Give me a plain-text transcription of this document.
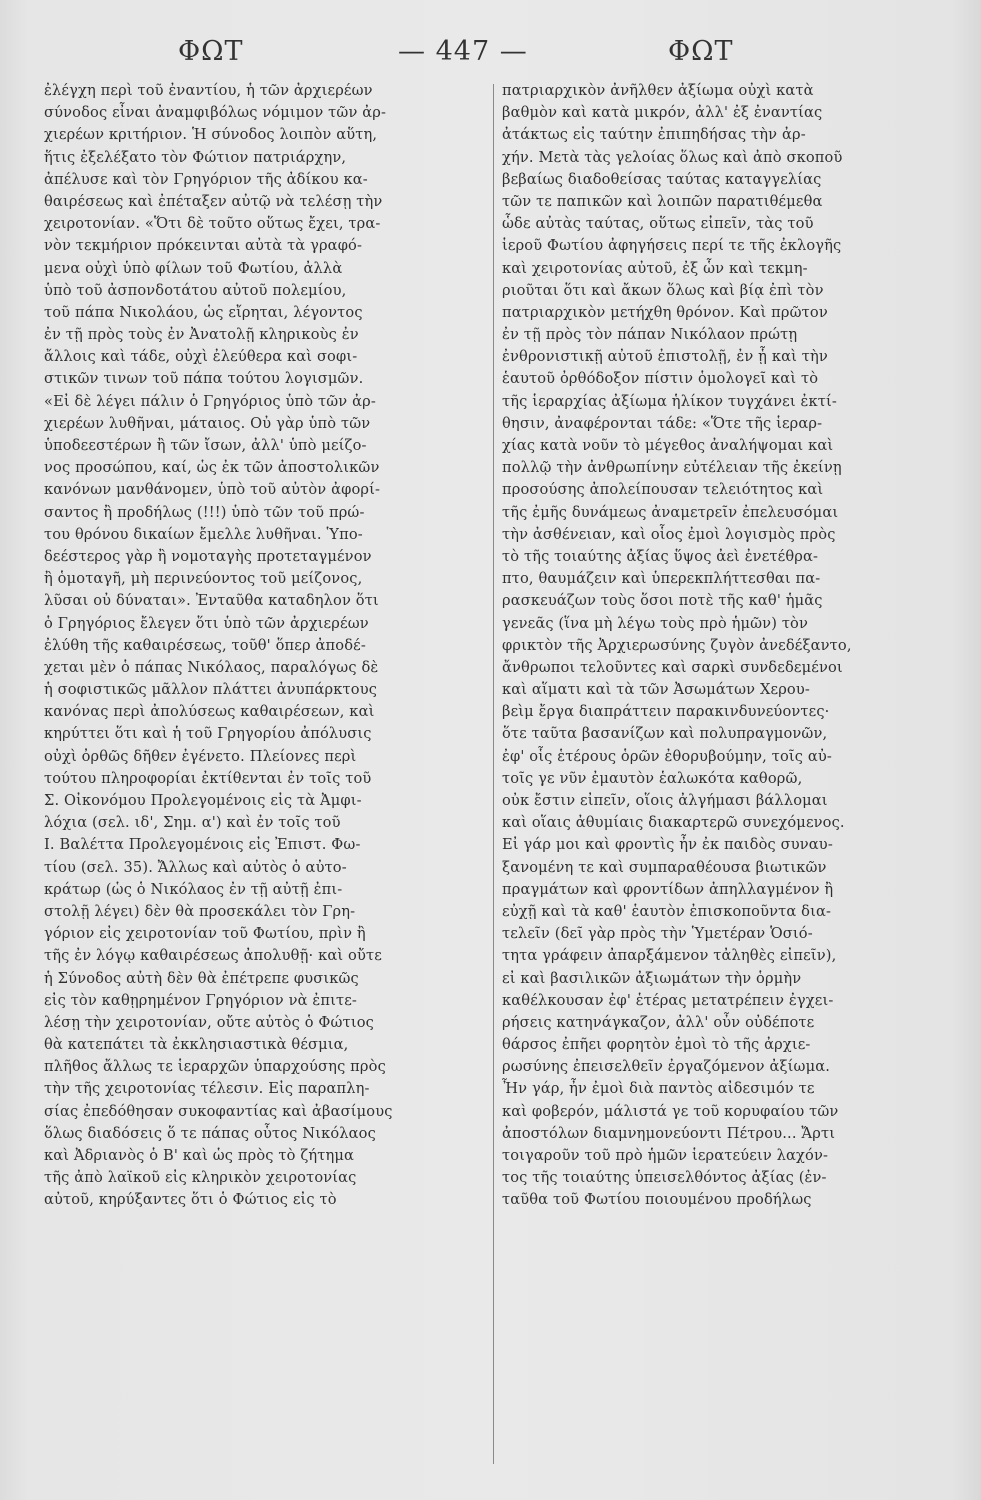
ΦΩΤ	— 447 —	ΦΩΤ

ἐλέγχη περὶ τοῦ ἐναντίου, ἡ τῶν ἀρχιερέων

σύνοδος εἶναι ἀναμφιβόλως νόμιμον τῶν ἀρ-

χιερέων κριτήριον. Ἡ σύνοδος λοιπὸν αὕτη,

ἥτις ἐξελέξατο τὸν Φώτιον πατριάρχην,

ἀπέλυσε καὶ τὸν Γρηγόριον τῆς ἀδίκου κα-

θαιρέσεως καὶ ἐπέταξεν αὐτῷ νὰ τελέσῃ τὴν

χειροτονίαν. «Ὅτι δὲ τοῦτο οὕτως ἔχει, τρα-

νὸν τεκμήριον πρόκεινται αὐτὰ τὰ γραφό-

μενα οὐχὶ ὑπὸ φίλων τοῦ Φωτίου, ἀλλὰ

ὑπὸ τοῦ ἀσπονδοτάτου αὐτοῦ πολεμίου,

τοῦ πάπα Νικολάου, ὡς εἴρηται, λέγοντος

ἐν τῇ πρὸς τοὺς ἐν Ἀνατολῇ κληρικοὺς ἐν

ἄλλοις καὶ τάδε, οὐχὶ ἐλεύθερα καὶ σοφι-

στικῶν τινων τοῦ πάπα τούτου λογισμῶν.

«Εἰ δὲ λέγει πάλιν ὁ Γρηγόριος ὑπὸ τῶν ἀρ-

χιερέων λυθῆναι, μάταιος. Οὐ γὰρ ὑπὸ τῶν

ὑποδεεστέρων ἢ τῶν ἴσων, ἀλλ' ὑπὸ μείζο-

νος προσώπου, καί, ὡς ἐκ τῶν ἀποστολικῶν

κανόνων μανθάνομεν, ὑπὸ τοῦ αὐτὸν ἀφορί-

σαντος ἢ προδήλως (!!!) ὑπὸ τῶν τοῦ πρώ-

του θρόνου δικαίων ἔμελλε λυθῆναι. Ὑπο-

δεέστερος γὰρ ἢ νομοταγὴς προτεταγμένον

ἢ ὁμοταγῆ, μὴ περινεύοντος τοῦ μείζονος,

λῦσαι οὐ δύναται». Ἐνταῦθα καταδηλον ὅτι

ὁ Γρηγόριος ἔλεγεν ὅτι ὑπὸ τῶν ἀρχιερέων

ἐλύθη τῆς καθαιρέσεως, τοῦθ' ὅπερ ἀποδέ-

χεται μὲν ὁ πάπας Νικόλαος, παραλόγως δὲ

ἡ σοφιστικῶς μᾶλλον πλάττει ἀνυπάρκτους

κανόνας περὶ ἀπολύσεως καθαιρέσεων, καὶ

κηρύττει ὅτι καὶ ἡ τοῦ Γρηγορίου ἀπόλυσις

οὐχὶ ὀρθῶς δῆθεν ἐγένετο. Πλείονες περὶ

τούτου πληροφορίαι ἐκτίθενται ἐν τοῖς τοῦ

Σ. Οἰκονόμου Προλεγομένοις εἰς τὰ Ἀμφι-

λόχια (σελ. ιδ', Σημ. α') καὶ ἐν τοῖς τοῦ

Ι. Βαλέττα Προλεγομένοις εἰς Ἐπιστ. Φω-

τίου (σελ. 35). Ἄλλως καὶ αὐτὸς ὁ αὐτο-

κράτωρ (ὡς ὁ Νικόλαος ἐν τῇ αὐτῇ ἐπι-

στολῇ λέγει) δὲν θὰ προσεκάλει τὸν Γρη-

γόριον εἰς χειροτονίαν τοῦ Φωτίου, πρὶν ἢ

τῆς ἐν λόγῳ καθαιρέσεως ἀπολυθῇ· καὶ οὔτε

ἡ Σύνοδος αὐτὴ δὲν θὰ ἐπέτρεπε φυσικῶς

εἰς τὸν καθῃρημένον Γρηγόριον νὰ ἐπιτε-

λέσῃ τὴν χειροτονίαν, οὔτε αὐτὸς ὁ Φώτιος

θὰ κατεπάτει τὰ ἐκκλησιαστικὰ θέσμια,

πλῆθος ἄλλως τε ἱεραρχῶν ὑπαρχούσης πρὸς

τὴν τῆς χειροτονίας τέλεσιν. Εἰς παραπλη-

σίας ἐπεδόθησαν συκοφαντίας καὶ ἀβασίμους

ὅλως διαδόσεις ὅ τε πάπας οὗτος Νικόλαος

καὶ Ἀδριανὸς ὁ Β' καὶ ὡς πρὸς τὸ ζήτημα

τῆς ἀπὸ λαϊκοῦ εἰς κληρικὸν χειροτονίας

αὐτοῦ, κηρύξαντες ὅτι ὁ Φώτιος εἰς τὸ

πατριαρχικὸν ἀνῆλθεν ἀξίωμα οὐχὶ κατὰ

βαθμὸν καὶ κατὰ μικρόν, ἀλλ' ἐξ ἐναντίας

ἀτάκτως εἰς ταύτην ἐπιπηδήσας τὴν ἀρ-

χήν. Μετὰ τὰς γελοίας ὅλως καὶ ἀπὸ σκοποῦ

βεβαίως διαδοθείσας ταύτας καταγγελίας

τῶν τε παπικῶν καὶ λοιπῶν παρατιθέμεθα

ὧδε αὐτὰς ταύτας, οὕτως εἰπεῖν, τὰς τοῦ

ἱεροῦ Φωτίου ἀφηγήσεις περί τε τῆς ἐκλογῆς

καὶ χειροτονίας αὐτοῦ, ἐξ ὧν καὶ τεκμη-

ριοῦται ὅτι καὶ ἄκων ὅλως καὶ βίᾳ ἐπὶ τὸν

πατριαρχικὸν μετήχθη θρόνον. Καὶ πρῶτον

ἐν τῇ πρὸς τὸν πάπαν Νικόλαον πρώτῃ

ἐνθρονιστικῇ αὐτοῦ ἐπιστολῇ, ἐν ᾗ καὶ τὴν

ἑαυτοῦ ὀρθόδοξον πίστιν ὁμολογεῖ καὶ τὸ

τῆς ἱεραρχίας ἀξίωμα ἡλίκον τυγχάνει ἐκτί-

θησιν, ἀναφέρονται τάδε: «Ὅτε τῆς ἱεραρ-

χίας κατὰ νοῦν τὸ μέγεθος ἀναλήψομαι καὶ

πολλῷ τὴν ἀνθρωπίνην εὐτέλειαν τῆς ἐκείνῃ

προσούσης ἀπολείπουσαν τελειότητος καὶ

τῆς ἐμῆς δυνάμεως ἀναμετρεῖν ἐπελευσόμαι

τὴν ἀσθένειαν, καὶ οἷος ἐμοὶ λογισμὸς πρὸς

τὸ τῆς τοιαύτης ἀξίας ὕψος ἀεὶ ἐνετέθρα-

πτο, θαυμάζειν καὶ ὑπερεκπλήττεσθαι πα-

ρασκευάζων τοὺς ὅσοι ποτὲ τῆς καθ' ἡμᾶς

γενεᾶς (ἵνα μὴ λέγω τοὺς πρὸ ἡμῶν) τὸν

φρικτὸν τῆς Ἀρχιερωσύνης ζυγὸν ἀνεδέξαντο,

ἄνθρωποι τελοῦντες καὶ σαρκὶ συνδεδεμένοι

καὶ αἵματι καὶ τὰ τῶν Ἀσωμάτων Χερου-

βεὶμ ἔργα διαπράττειν παρακινδυνεύοντες·

ὅτε ταῦτα βασανίζων καὶ πολυπραγμονῶν,

ἐφ' οἷς ἑτέρους ὁρῶν ἐθορυβούμην, τοῖς αὐ-

τοῖς γε νῦν ἐμαυτὸν ἑαλωκότα καθορῶ,

οὐκ ἔστιν εἰπεῖν, οἵοις ἀλγήμασι βάλλομαι

καὶ οἵαις ἀθυμίαις διακαρτερῶ συνεχόμενος.

Εἰ γάρ μοι καὶ φροντὶς ἦν ἐκ παιδὸς συναυ-

ξανομένη τε καὶ συμπαραθέουσα βιωτικῶν

πραγμάτων καὶ φροντίδων ἀπηλλαγμένον ἢ

εὐχῇ καὶ τὰ καθ' ἑαυτὸν ἐπισκοποῦντα δια-

τελεῖν (δεῖ γὰρ πρὸς τὴν Ὑμετέραν Ὁσιό-

τητα γράφειν ἀπαρξάμενον τἀληθὲς εἰπεῖν),

εἰ καὶ βασιλικῶν ἀξιωμάτων τὴν ὁρμὴν

καθέλκουσαν ἐφ' ἑτέρας μετατρέπειν ἐγχει-

ρήσεις κατηνάγκαζον, ἀλλ' οὖν οὐδέποτε

θάρσος ἐπῆει φορητὸν ἐμοὶ τὸ τῆς ἀρχιε-

ρωσύνης ἐπεισελθεῖν ἐργαζόμενον ἀξίωμα.

Ἦν γάρ, ἦν ἐμοὶ διὰ παντὸς αἰδεσιμόν τε

καὶ φοβερόν, μάλιστά γε τοῦ κορυφαίου τῶν

ἀποστόλων διαμνημονεύοντι Πέτρου... Ἄρτι

τοιγαροῦν τοῦ πρὸ ἡμῶν ἱερατεύειν λαχόν-

τος τῆς τοιαύτης ὑπεισελθόντος ἀξίας (ἐν-

ταῦθα τοῦ Φωτίου ποιουμένου προδήλως
